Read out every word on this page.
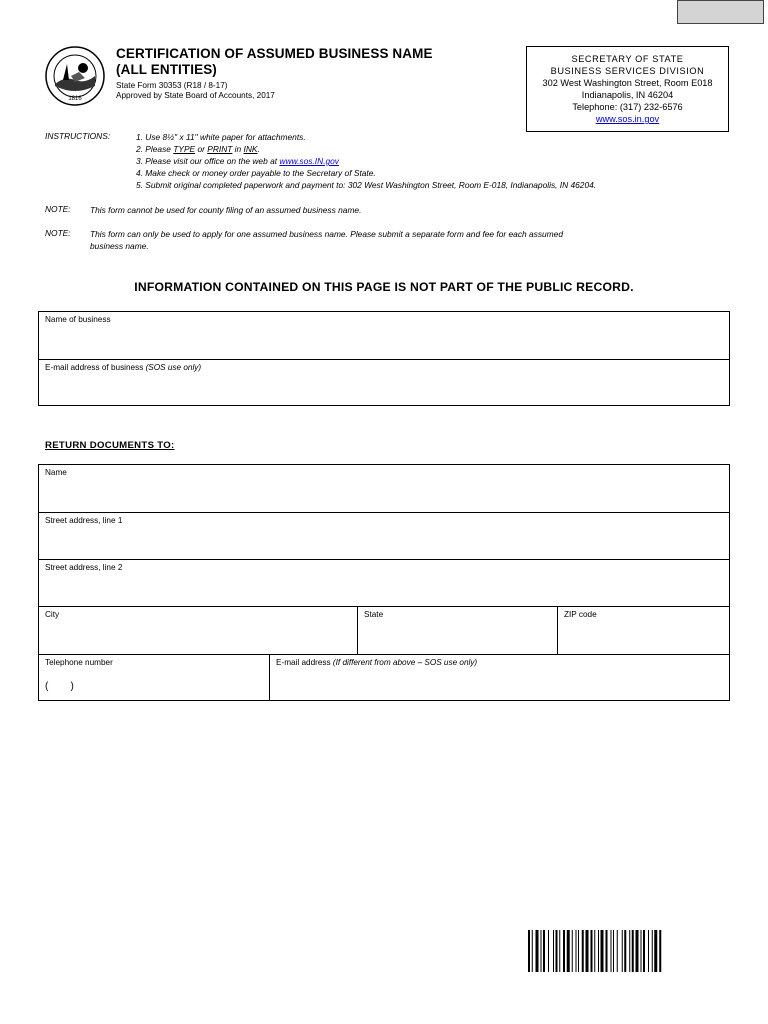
1816
CERTIFICATION OF ASSUMED BUSINESS NAME
(ALL ENTITIES)
State Form 30353 (R18 / 8-17)
Approved by State Board of Accounts, 2017
SECRETARY OF STATE
BUSINESS SERVICES DIVISION
302 West Washington Street, Room E018
Indianapolis, IN 46204
Telephone: (317) 232-6576
www.sos.in.gov
INSTRUCTIONS:	1. Use 8½" x 11" white paper for attachments.
2. Please TYPE or PRINT in INK.
3. Please visit our office on the web at www.sos.IN.gov
4. Make check or money order payable to the Secretary of State.
5. Submit original completed paperwork and payment to: 302 West Washington Street, Room E-018, Indianapolis, IN 46204.
NOTE: This form cannot be used for county filing of an assumed business name.
NOTE: This form can only be used to apply for one assumed business name. Please submit a separate form and fee for each assumed
business name.
INFORMATION CONTAINED ON THIS PAGE IS NOT PART OF THE PUBLIC RECORD.
Name of business
E-mail address of business (SOS use only)
RETURN DOCUMENTS TO:
Name
Street address, line 1
Street address, line 2
City	State	ZIP code
Telephone number
(        )
E-mail address (If different from above – SOS use only)
